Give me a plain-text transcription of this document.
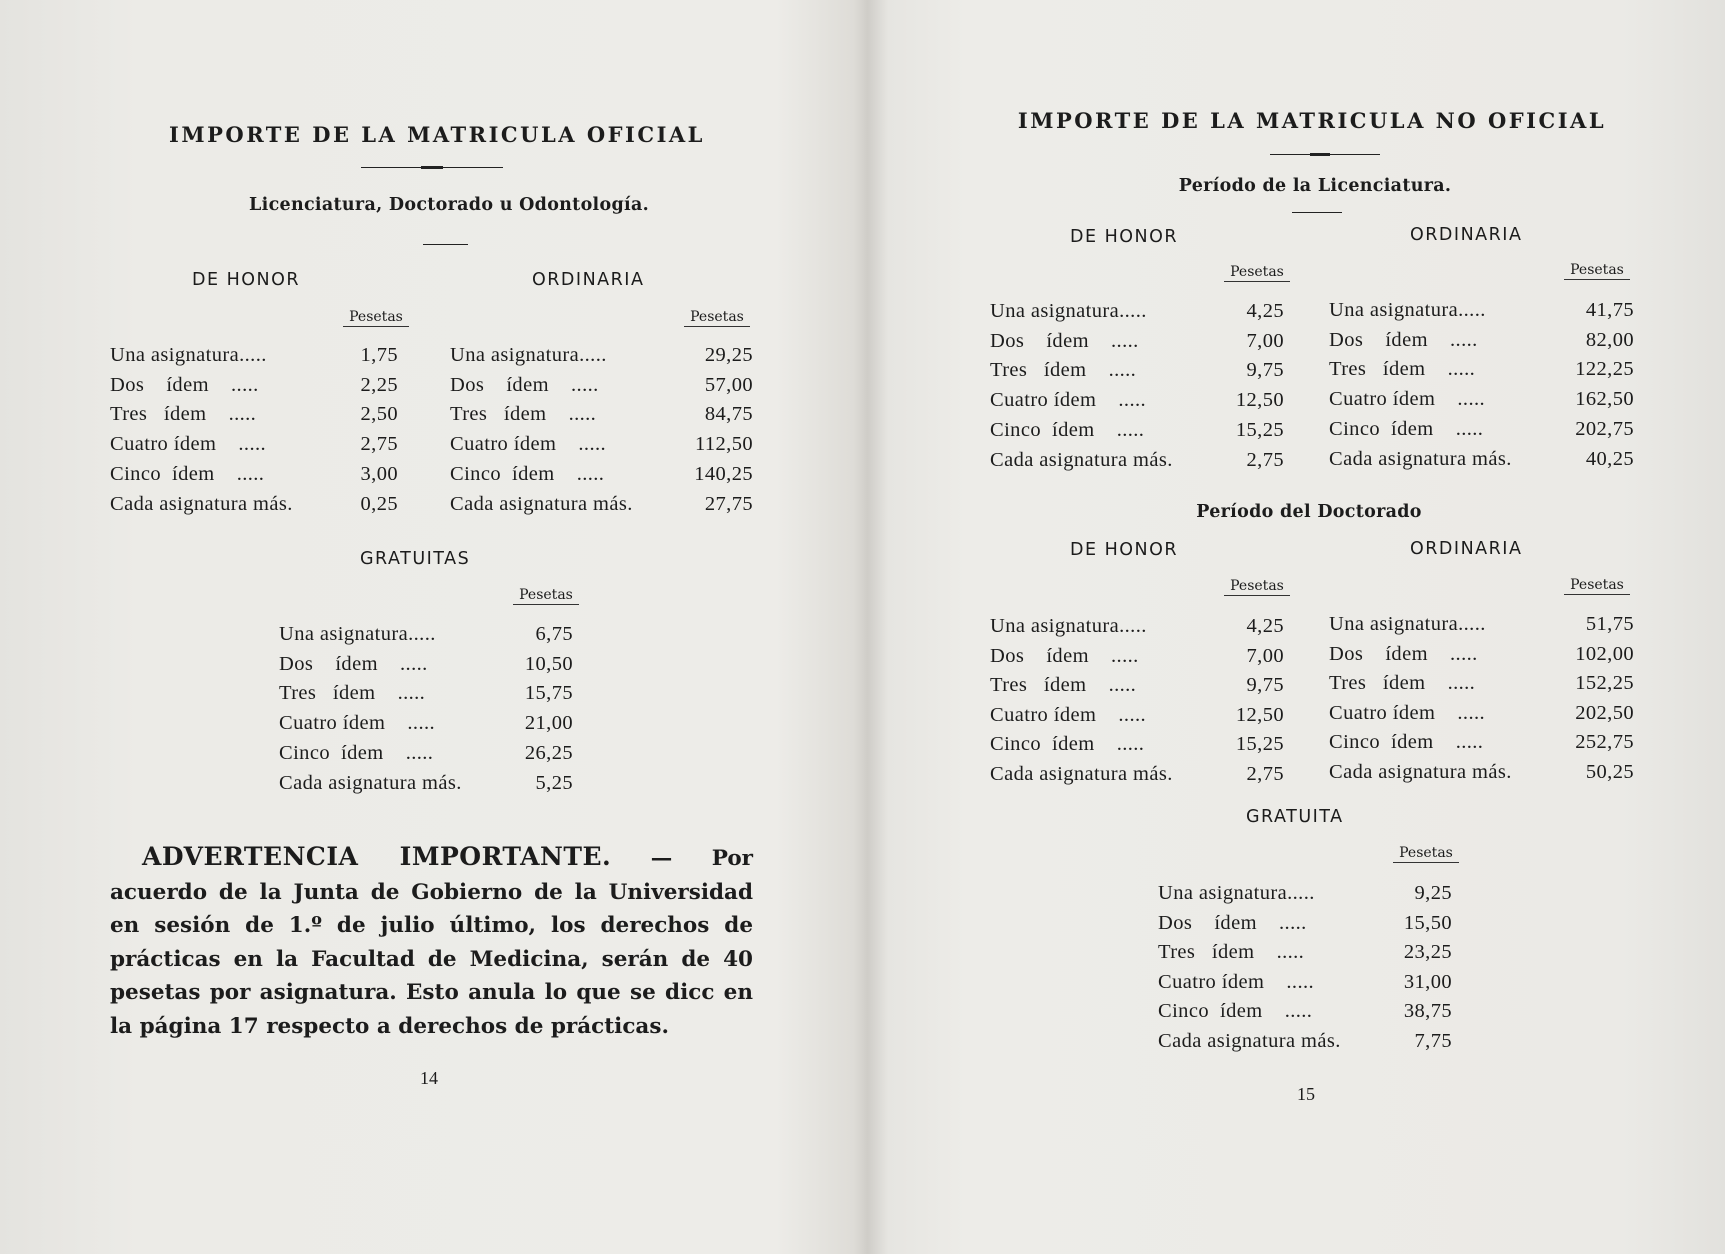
IMPORTE DE LA MATRICULA OFICIAL
Licenciatura, Doctorado u Odontología.
DE HONOR	ORDINARIA
Pesetas	Pesetas
Una asignatura.....	1,75
Dos    ídem    .....	2,25
Tres   ídem    .....	2,50
Cuatro ídem    .....	2,75
Cinco  ídem    .....	3,00
Cada asignatura más.	0,25
Una asignatura.....	29,25
Dos    ídem    .....	57,00
Tres   ídem    .....	84,75
Cuatro ídem    .....	112,50
Cinco  ídem    .....	140,25
Cada asignatura más.	27,75
GRATUITAS
Pesetas
Una asignatura.....	6,75
Dos    ídem    .....	10,50
Tres   ídem    .....	15,75
Cuatro ídem    .....	21,00
Cinco  ídem    .....	26,25
Cada asignatura más.	5,25
ADVERTENCIA IMPORTANTE. — Por acuerdo de la Junta de Gobierno de la Universidad en sesión de 1.º de julio último, los derechos de prácticas en la Facultad de Medicina, serán de 40 pesetas por asignatura. Esto anula lo que se dicc en la página 17 respecto a derechos de prácticas.
14
IMPORTE DE LA MATRICULA NO OFICIAL
Período de la Licenciatura.
DE HONOR	ORDINARIA
Pesetas	Pesetas
Una asignatura.....	4,25
Dos    ídem    .....	7,00
Tres   ídem    .....	9,75
Cuatro ídem    .....	12,50
Cinco  ídem    .....	15,25
Cada asignatura más.	2,75
Una asignatura.....	41,75
Dos    ídem    .....	82,00
Tres   ídem    .....	122,25
Cuatro ídem    .....	162,50
Cinco  ídem    .....	202,75
Cada asignatura más.	40,25
Período del Doctorado
DE HONOR	ORDINARIA
Pesetas	Pesetas
Una asignatura.....	4,25
Dos    ídem    .....	7,00
Tres   ídem    .....	9,75
Cuatro ídem    .....	12,50
Cinco  ídem    .....	15,25
Cada asignatura más.	2,75
Una asignatura.....	51,75
Dos    ídem    .....	102,00
Tres   ídem    .....	152,25
Cuatro ídem    .....	202,50
Cinco  ídem    .....	252,75
Cada asignatura más.	50,25
GRATUITA
Pesetas
Una asignatura.....	9,25
Dos    ídem    .....	15,50
Tres   ídem    .....	23,25
Cuatro ídem    .....	31,00
Cinco  ídem    .....	38,75
Cada asignatura más.	7,75
15
